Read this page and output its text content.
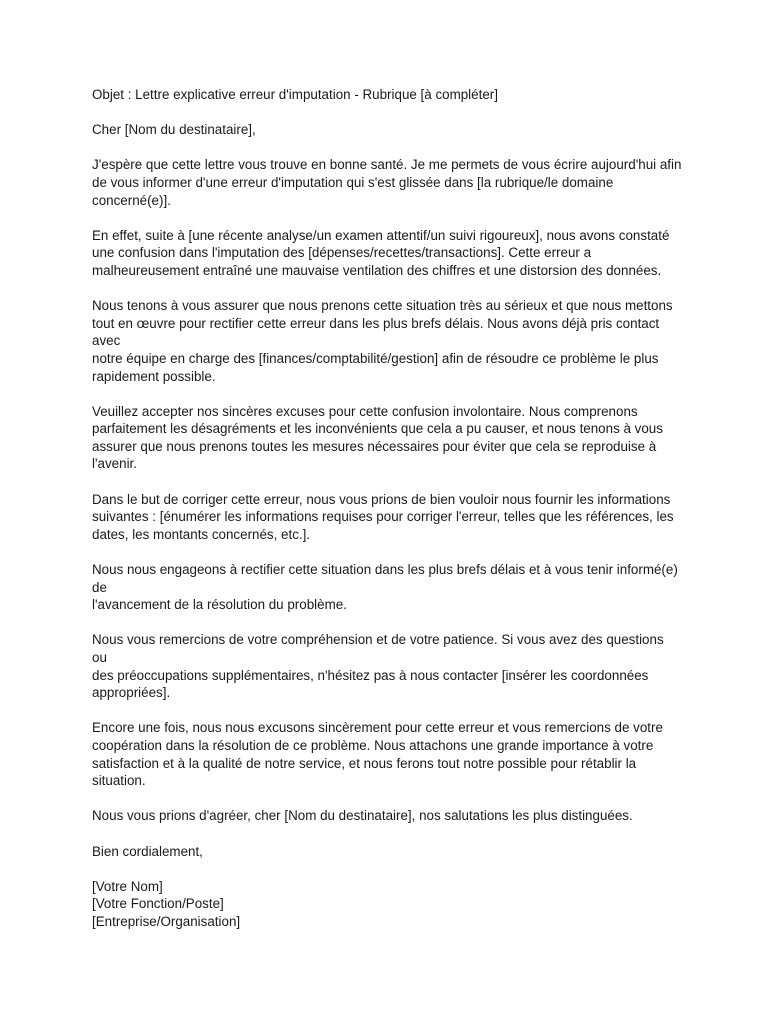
Objet : Lettre explicative erreur d'imputation - Rubrique [à compléter]

Cher [Nom du destinataire],

J'espère que cette lettre vous trouve en bonne santé. Je me permets de vous écrire aujourd'hui afin
de vous informer d'une erreur d'imputation qui s'est glissée dans [la rubrique/le domaine
concerné(e)].

En effet, suite à [une récente analyse/un examen attentif/un suivi rigoureux], nous avons constaté
une confusion dans l'imputation des [dépenses/recettes/transactions]. Cette erreur a
malheureusement entraîné une mauvaise ventilation des chiffres et une distorsion des données.

Nous tenons à vous assurer que nous prenons cette situation très au sérieux et que nous mettons
tout en œuvre pour rectifier cette erreur dans les plus brefs délais. Nous avons déjà pris contact avec
notre équipe en charge des [finances/comptabilité/gestion] afin de résoudre ce problème le plus
rapidement possible.

Veuillez accepter nos sincères excuses pour cette confusion involontaire. Nous comprenons
parfaitement les désagréments et les inconvénients que cela a pu causer, et nous tenons à vous
assurer que nous prenons toutes les mesures nécessaires pour éviter que cela se reproduise à
l'avenir.

Dans le but de corriger cette erreur, nous vous prions de bien vouloir nous fournir les informations
suivantes : [énumérer les informations requises pour corriger l'erreur, telles que les références, les
dates, les montants concernés, etc.].

Nous nous engageons à rectifier cette situation dans les plus brefs délais et à vous tenir informé(e) de
l'avancement de la résolution du problème.

Nous vous remercions de votre compréhension et de votre patience. Si vous avez des questions ou
des préoccupations supplémentaires, n'hésitez pas à nous contacter [insérer les coordonnées
appropriées].

Encore une fois, nous nous excusons sincèrement pour cette erreur et vous remercions de votre
coopération dans la résolution de ce problème. Nous attachons une grande importance à votre
satisfaction et à la qualité de notre service, et nous ferons tout notre possible pour rétablir la
situation.

Nous vous prions d'agréer, cher [Nom du destinataire], nos salutations les plus distinguées.

Bien cordialement,

[Votre Nom]

[Votre Fonction/Poste]

[Entreprise/Organisation]
